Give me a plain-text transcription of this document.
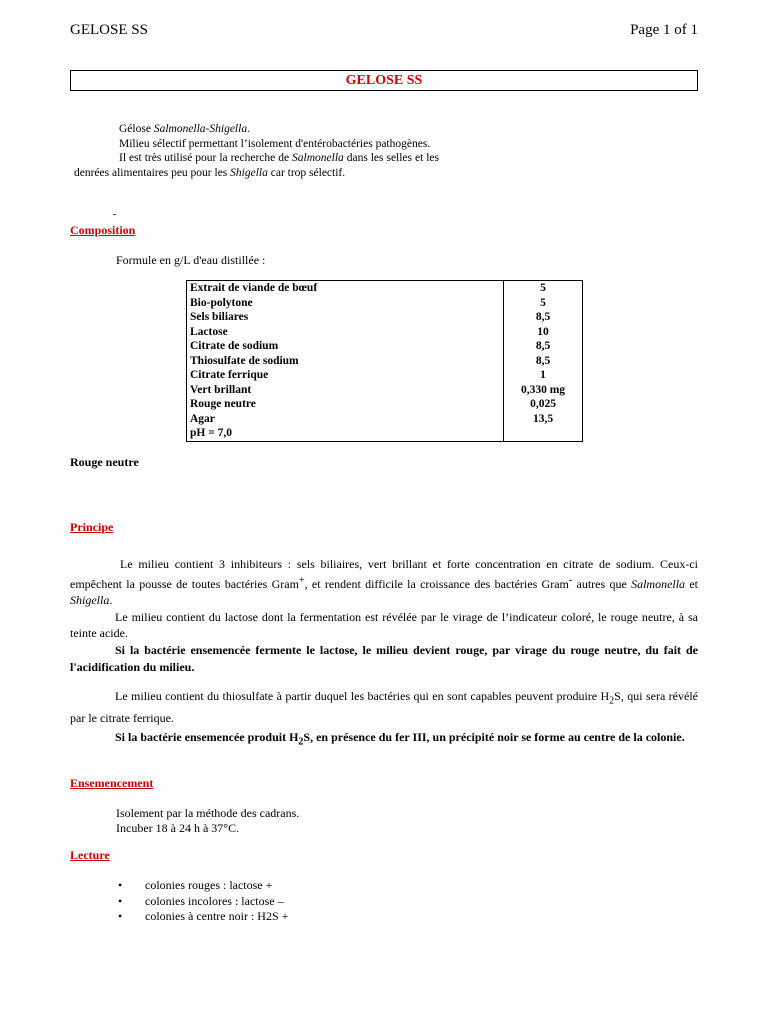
GELOSE SS	Page 1 of 1
GELOSE SS

Gélose Salmonella-Shigella.

Milieu sélectif permettant l’isolement d'entérobactéries pathogènes.

Il est très utilisé pour la recherche de Salmonella dans les selles et les denrées alimentaires peu pour les Shigella car trop sélectif.

-
Composition
Formule en g/L d'eau distillée :
Extrait de viande de bœuf	5
Bio-polytone	5
Sels biliares	8,5
Lactose	10
Citrate de sodium	8,5
Thiosulfate de sodium	8,5
Citrate ferrique	1
Vert brillant	0,330 mg
Rouge neutre	0,025
Agar	13,5
pH = 7,0	
Rouge neutre
Principe

Le milieu contient 3 inhibiteurs : sels biliaires, vert brillant et forte concentration en citrate de sodium. Ceux-ci empêchent la pousse de toutes bactéries Gram+, et rendent difficile la croissance des bactéries Gram- autres que Salmonella et Shigella.

Le milieu contient du lactose dont la fermentation est révélée par le virage de l’indicateur coloré, le rouge neutre, à sa teinte acide.

Si la bactérie ensemencée fermente le lactose, le milieu devient rouge, par virage du rouge neutre, du fait de l'acidification du milieu.

Le milieu contient du thiosulfate à partir duquel les bactéries qui en sont capables peuvent produire $H_2S$, qui sera révélé par le citrate ferrique.

Si la bactérie ensemencée produit $H_2S$, en présence du fer III, un précipité noir se forme au centre de la colonie.

Ensemencement
Isolement par la méthode des cadrans.
Incuber 18 à 24 h à 37°C.
Lecture
• colonies rouges : lactose +
• colonies incolores : lactose –
• colonies à centre noir : H2S +
